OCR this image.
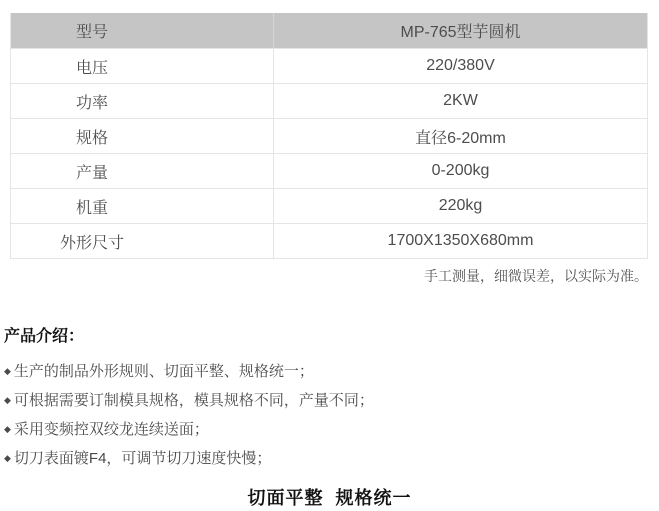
型号	MP-765型芋圆机
电压	220/380V
功率	2KW
规格	直径6-20mm
产量	0-200kg
机重	220kg
外形尺寸	1700X1350X680mm
手工测量，细微误差，以实际为准。
产品介绍：
◆ 生产的制品外形规则、切面平整、规格统一；
◆ 可根据需要订制模具规格，模具规格不同，产量不同；
◆ 采用变频控双绞龙连续送面；
◆ 切刀表面镀F4，可调节切刀速度快慢；
切面平整  规格统一
